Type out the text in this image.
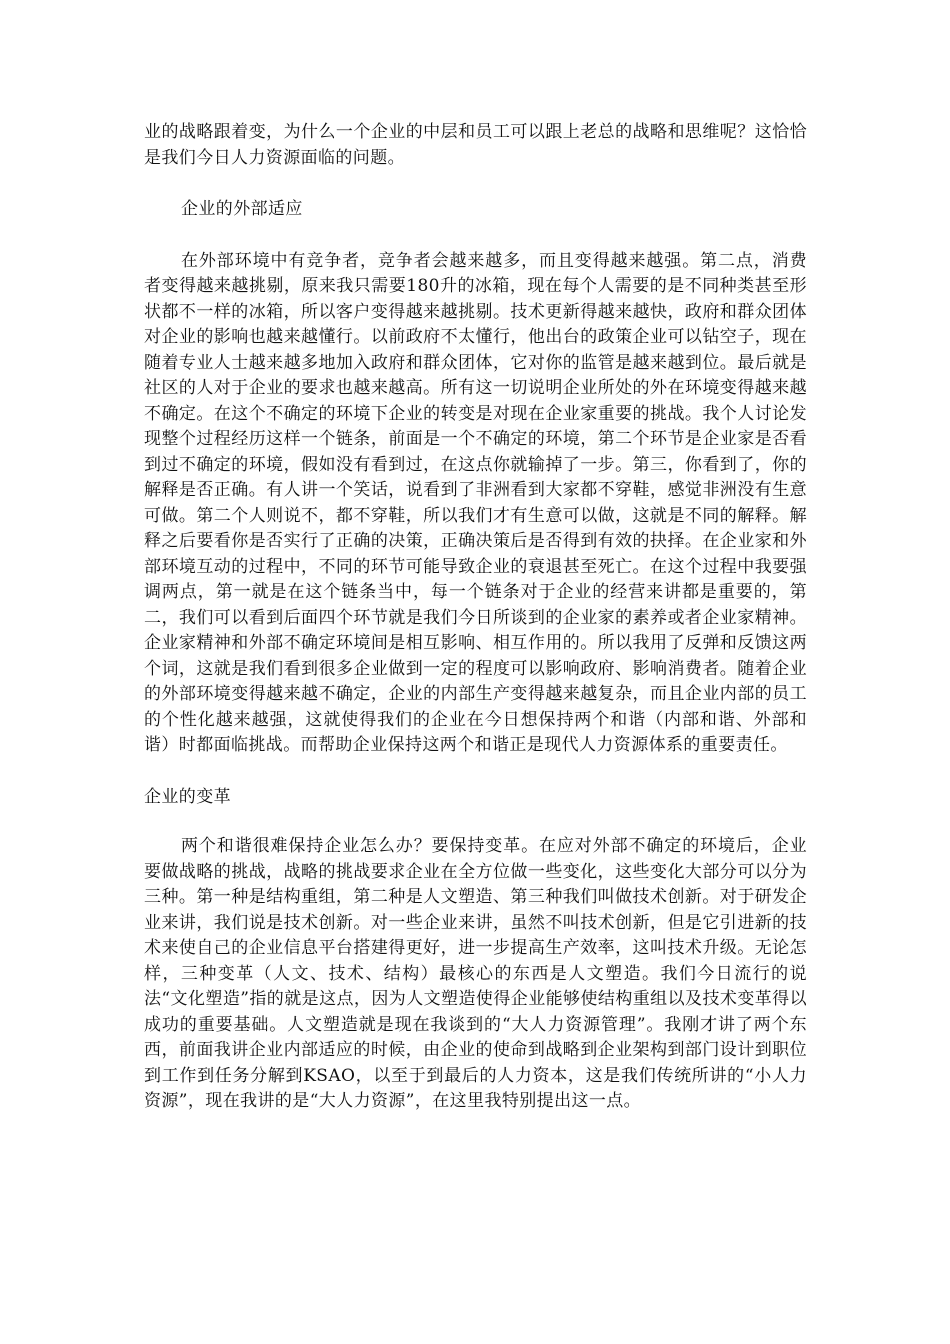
业的战略跟着变，为什么一个企业的中层和员工可以跟上老总的战略和思维呢？这恰恰是我们今日人力资源面临的问题。

企业的外部适应

在外部环境中有竞争者，竞争者会越来越多，而且变得越来越强。第二点，消费者变得越来越挑剔，原来我只需要180升的冰箱，现在每个人需要的是不同种类甚至形状都不一样的冰箱，所以客户变得越来越挑剔。技术更新得越来越快，政府和群众团体对企业的影响也越来越懂行。以前政府不太懂行，他出台的政策企业可以钻空子，现在随着专业人士越来越多地加入政府和群众团体，它对你的监管是越来越到位。最后就是社区的人对于企业的要求也越来越高。所有这一切说明企业所处的外在环境变得越来越不确定。在这个不确定的环境下企业的转变是对现在企业家重要的挑战。我个人讨论发现整个过程经历这样一个链条，前面是一个不确定的环境，第二个环节是企业家是否看到过不确定的环境，假如没有看到过，在这点你就输掉了一步。第三，你看到了，你的解释是否正确。有人讲一个笑话，说看到了非洲看到大家都不穿鞋，感觉非洲没有生意可做。第二个人则说不，都不穿鞋，所以我们才有生意可以做，这就是不同的解释。解释之后要看你是否实行了正确的决策，正确决策后是否得到有效的抉择。在企业家和外部环境互动的过程中，不同的环节可能导致企业的衰退甚至死亡。在这个过程中我要强调两点，第一就是在这个链条当中，每一个链条对于企业的经营来讲都是重要的，第二，我们可以看到后面四个环节就是我们今日所谈到的企业家的素养或者企业家精神。企业家精神和外部不确定环境间是相互影响、相互作用的。所以我用了反弹和反馈这两个词，这就是我们看到很多企业做到一定的程度可以影响政府、影响消费者。随着企业的外部环境变得越来越不确定，企业的内部生产变得越来越复杂，而且企业内部的员工的个性化越来越强，这就使得我们的企业在今日想保持两个和谐（内部和谐、外部和谐）时都面临挑战。而帮助企业保持这两个和谐正是现代人力资源体系的重要责任。

企业的变革

两个和谐很难保持企业怎么办？要保持变革。在应对外部不确定的环境后，企业要做战略的挑战，战略的挑战要求企业在全方位做一些变化，这些变化大部分可以分为三种。第一种是结构重组，第二种是人文塑造、第三种我们叫做技术创新。对于研发企业来讲，我们说是技术创新。对一些企业来讲，虽然不叫技术创新，但是它引进新的技术来使自己的企业信息平台搭建得更好，进一步提高生产效率，这叫技术升级。无论怎样，三种变革（人文、技术、结构）最核心的东西是人文塑造。我们今日流行的说法“文化塑造”指的就是这点，因为人文塑造使得企业能够使结构重组以及技术变革得以成功的重要基础。人文塑造就是现在我谈到的“大人力资源管理”。我刚才讲了两个东西，前面我讲企业内部适应的时候，由企业的使命到战略到企业架构到部门设计到职位到工作到任务分解到KSAO，以至于到最后的人力资本，这是我们传统所讲的“小人力资源”，现在我讲的是“大人力资源”，在这里我特别提出这一点。
